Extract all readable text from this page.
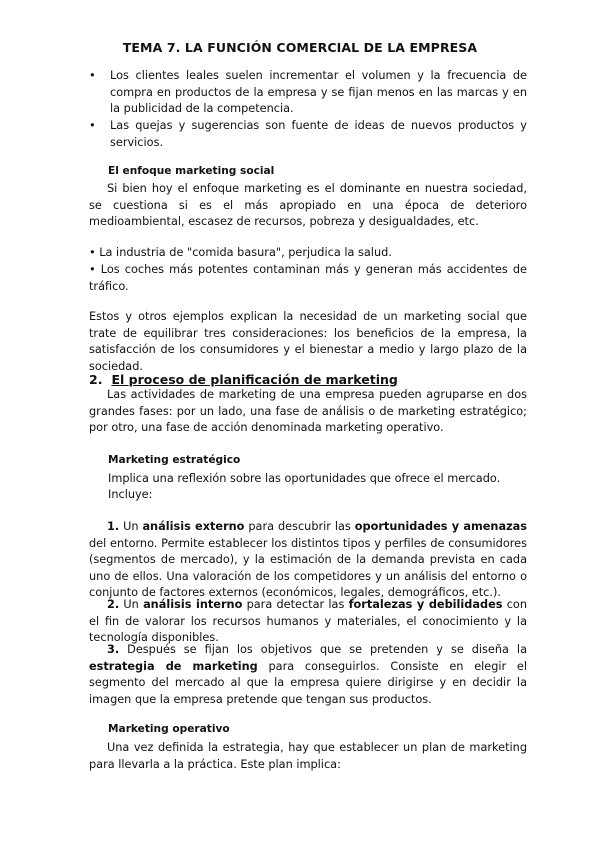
TEMA 7. LA FUNCIÓN COMERCIAL DE LA EMPRESA
• Los clientes leales suelen incrementar el volumen y la frecuencia de compra en productos de la empresa y se fijan menos en las marcas y en la publicidad de la competencia.
• Las quejas y sugerencias son fuente de ideas de nuevos productos y servicios.
El enfoque marketing social
Si bien hoy el enfoque marketing es el dominante en nuestra sociedad, se cuestiona si es el más apropiado en una época de deterioro medioambiental, escasez de recursos, pobreza y desigualdades, etc.
• La industria de "comida basura", perjudica la salud.
• Los coches más potentes contaminan más y generan más accidentes de tráfico.
Estos y otros ejemplos explican la necesidad de un marketing social que trate de equilibrar tres consideraciones: los beneficios de la empresa, la satisfacción de los consumidores y el bienestar a medio y largo plazo de la sociedad.
2. El proceso de planificación de marketing
Las actividades de marketing de una empresa pueden agruparse en dos grandes fases: por un lado, una fase de análisis o de marketing estratégico; por otro, una fase de acción denominada marketing operativo.
Marketing estratégico
Implica una reflexión sobre las oportunidades que ofrece el mercado.
Incluye:
1. Un análisis externo para descubrir las oportunidades y amenazas del entorno. Permite establecer los distintos tipos y perfiles de consumidores (segmentos de mercado), y la estimación de la demanda prevista en cada uno de ellos. Una valoración de los competidores y un análisis del entorno o conjunto de factores externos (económicos, legales, demográficos, etc.).
2. Un análisis interno para detectar las fortalezas y debilidades con el fin de valorar los recursos humanos y materiales, el conocimiento y la tecnología disponibles.
3. Después se fijan los objetivos que se pretenden y se diseña la estrategia de marketing para conseguirlos. Consiste en elegir el segmento del mercado al que la empresa quiere dirigirse y en decidir la imagen que la empresa pretende que tengan sus productos.
Marketing operativo
Una vez definida la estrategia, hay que establecer un plan de marketing para llevarla a la práctica. Este plan implica:
